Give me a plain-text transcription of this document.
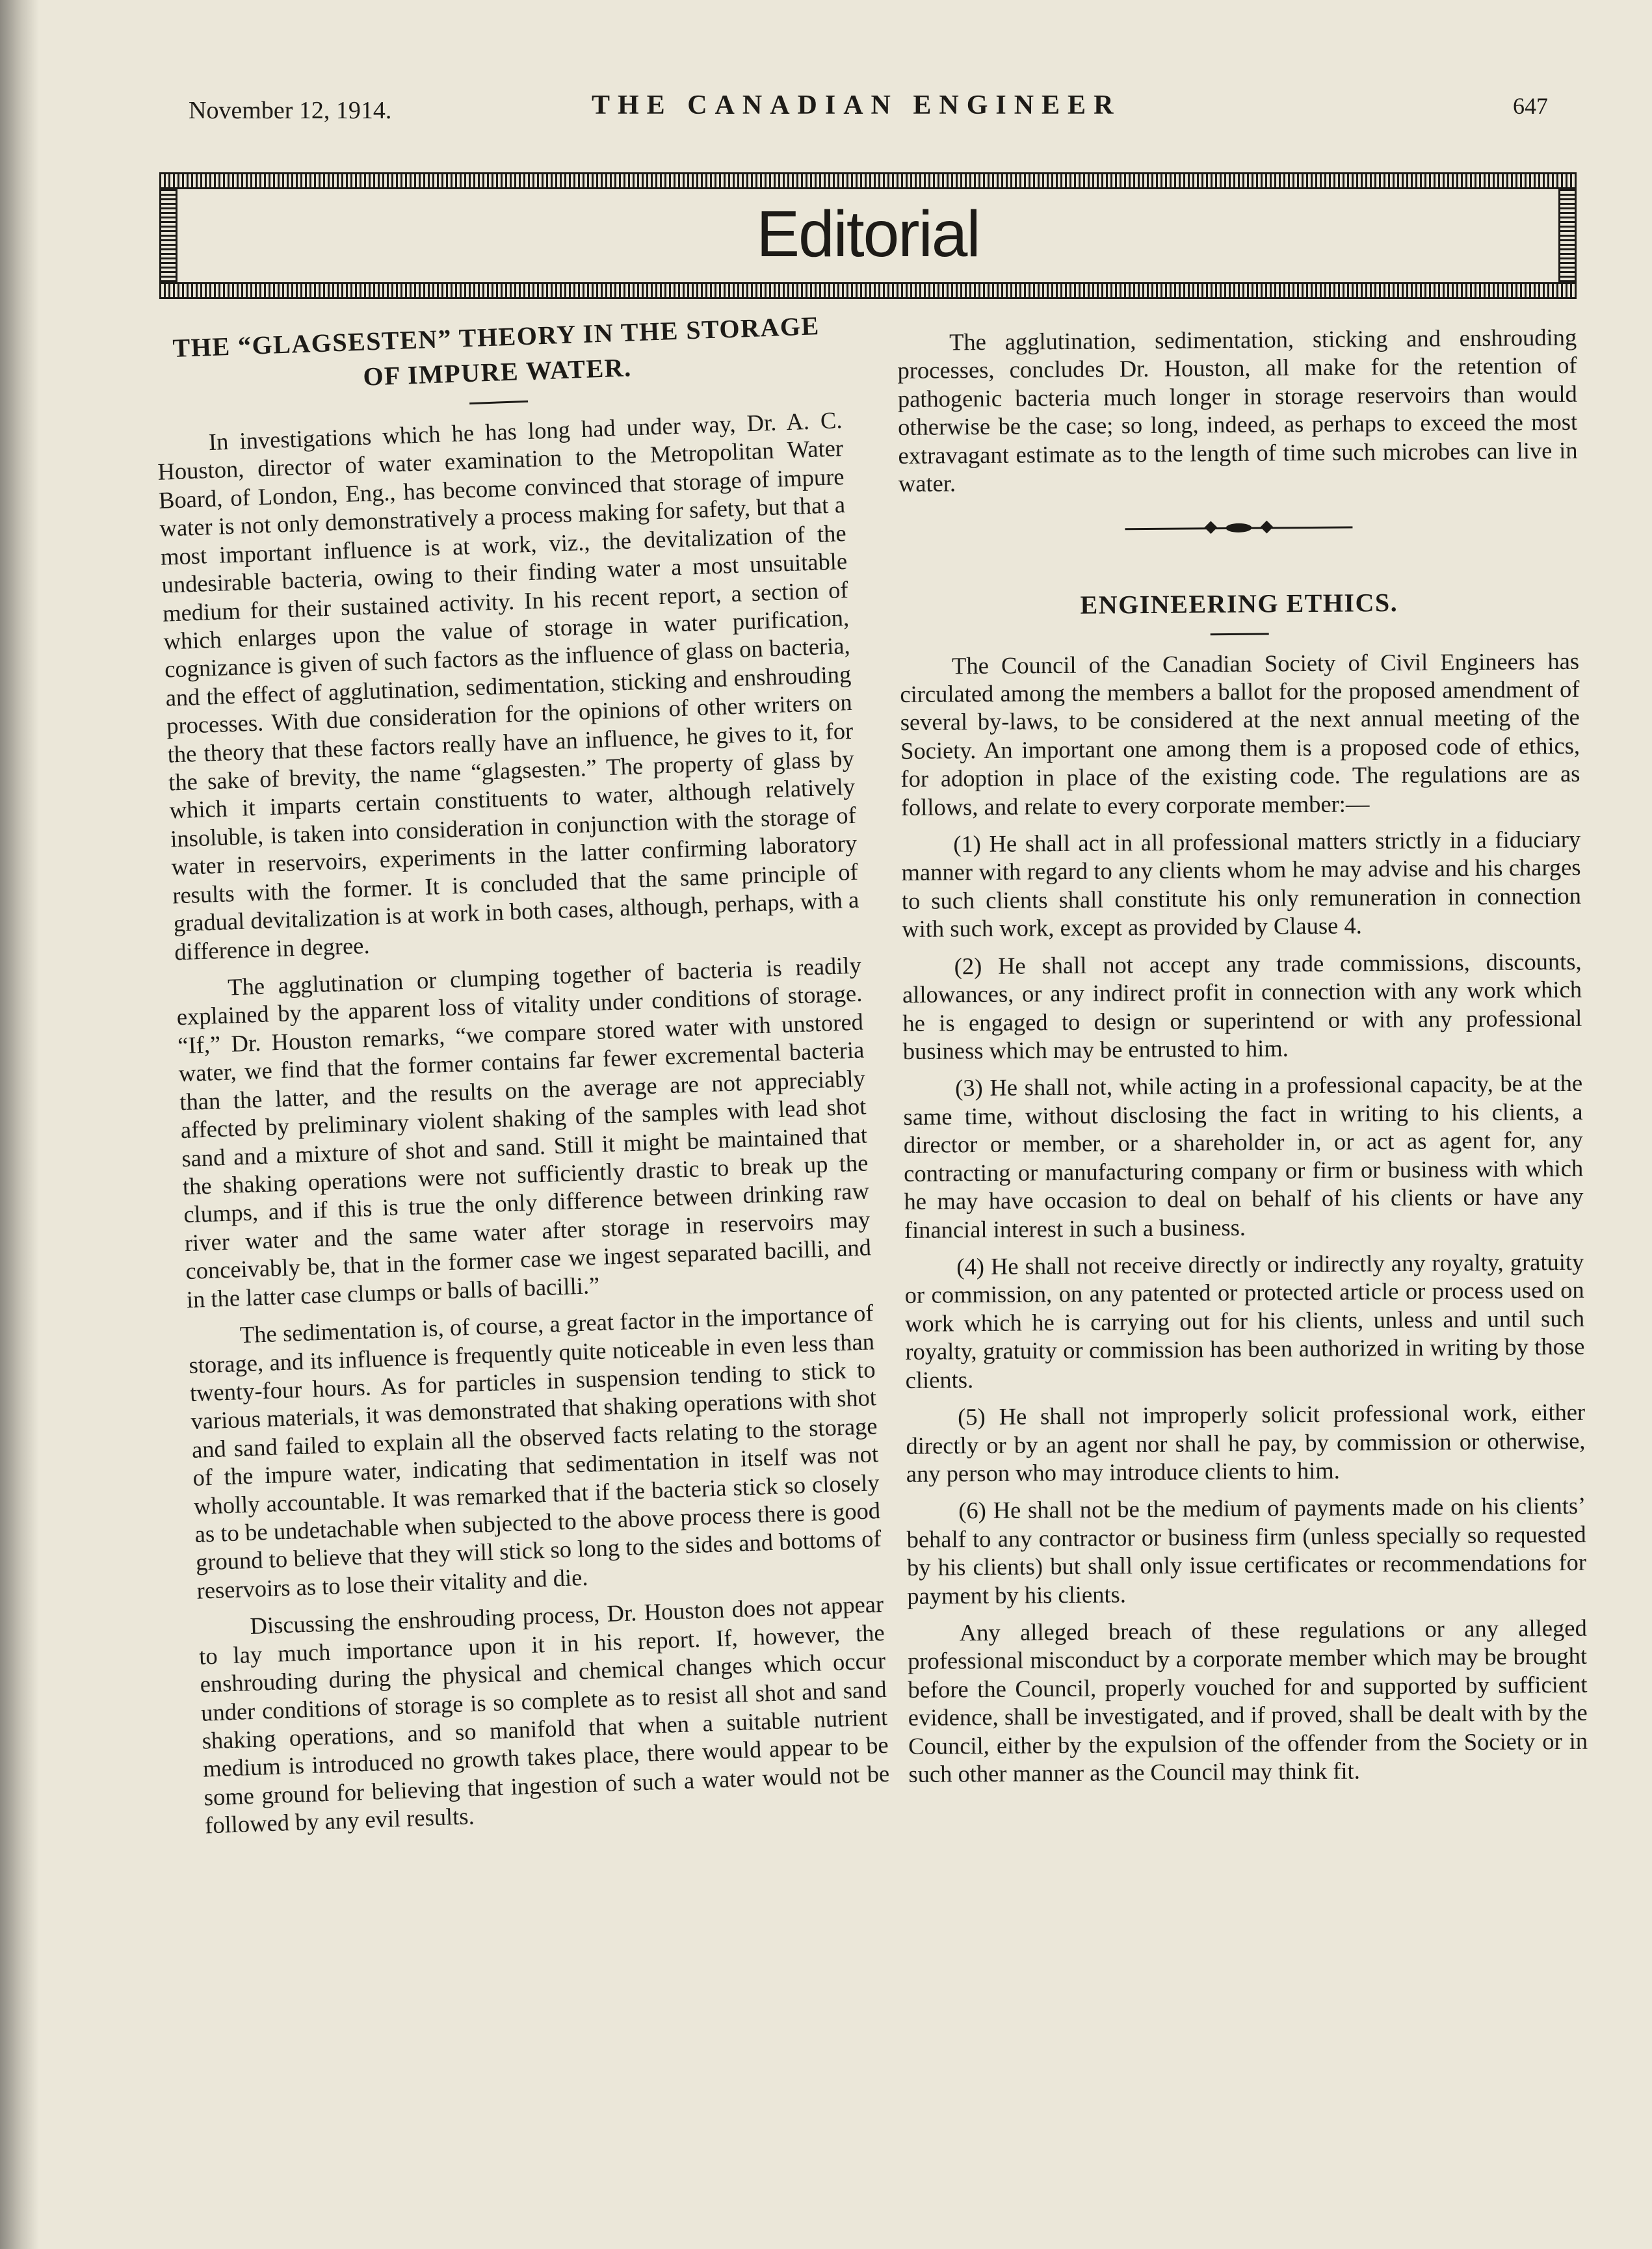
November 12, 1914.	THE CANADIAN ENGINEER	647
Editorial
THE “GLAGSESTEN” THEORY IN THE STORAGE OF IMPURE WATER.

In investigations which he has long had under way, Dr. A. C. Houston, director of water examination to the Metropolitan Water Board, of London, Eng., has become convinced that storage of impure water is not only demonstratively a process making for safety, but that a most important influence is at work, viz., the devitalization of the undesirable bacteria, owing to their finding water a most unsuitable medium for their sustained activity. In his recent report, a section of which enlarges upon the value of storage in water purification, cognizance is given of such factors as the influence of glass on bacteria, and the effect of agglutination, sedimentation, sticking and enshrouding processes. With due consideration for the opinions of other writers on the theory that these factors really have an influence, he gives to it, for the sake of brevity, the name “glagsesten.” The property of glass by which it imparts certain constituents to water, although relatively insoluble, is taken into consideration in conjunction with the storage of water in reservoirs, experiments in the latter confirming laboratory results with the former. It is concluded that the same principle of gradual devitalization is at work in both cases, although, perhaps, with a difference in degree.

The agglutination or clumping together of bacteria is readily explained by the apparent loss of vitality under conditions of storage. “If,” Dr. Houston remarks, “we compare stored water with unstored water, we find that the former contains far fewer excremental bacteria than the latter, and the results on the average are not appreciably affected by preliminary violent shaking of the samples with lead shot sand and a mixture of shot and sand. Still it might be maintained that the shaking operations were not sufficiently drastic to break up the clumps, and if this is true the only difference between drinking raw river water and the same water after storage in reservoirs may conceivably be, that in the former case we ingest separated bacilli, and in the latter case clumps or balls of bacilli.”

The sedimentation is, of course, a great factor in the importance of storage, and its influence is frequently quite noticeable in even less than twenty-four hours. As for particles in suspension tending to stick to various materials, it was demonstrated that shaking operations with shot and sand failed to explain all the observed facts relating to the storage of the impure water, indicating that sedimentation in itself was not wholly accountable. It was remarked that if the bacteria stick so closely as to be undetachable when subjected to the above process there is good ground to believe that they will stick so long to the sides and bottoms of reservoirs as to lose their vitality and die.

Discussing the enshrouding process, Dr. Houston does not appear to lay much importance upon it in his report. If, however, the enshrouding during the physical and chemical changes which occur under conditions of storage is so complete as to resist all shot and sand shaking operations, and so manifold that when a suitable nutrient medium is introduced no growth takes place, there would appear to be some ground for believing that ingestion of such a water would not be followed by any evil results.

The agglutination, sedimentation, sticking and enshrouding processes, concludes Dr. Houston, all make for the retention of pathogenic bacteria much longer in storage reservoirs than would otherwise be the case; so long, indeed, as perhaps to exceed the most extravagant estimate as to the length of time such microbes can live in water.

ENGINEERING ETHICS.

The Council of the Canadian Society of Civil Engineers has circulated among the members a ballot for the proposed amendment of several by-laws, to be considered at the next annual meeting of the Society. An important one among them is a proposed code of ethics, for adoption in place of the existing code. The regulations are as follows, and relate to every corporate member:—

(1) He shall act in all professional matters strictly in a fiduciary manner with regard to any clients whom he may advise and his charges to such clients shall constitute his only remuneration in connection with such work, except as provided by Clause 4.

(2) He shall not accept any trade commissions, discounts, allowances, or any indirect profit in connection with any work which he is engaged to design or superintend or with any professional business which may be entrusted to him.

(3) He shall not, while acting in a professional capacity, be at the same time, without disclosing the fact in writing to his clients, a director or member, or a shareholder in, or act as agent for, any contracting or manufacturing company or firm or business with which he may have occasion to deal on behalf of his clients or have any financial interest in such a business.

(4) He shall not receive directly or indirectly any royalty, gratuity or commission, on any patented or protected article or process used on work which he is carrying out for his clients, unless and until such royalty, gratuity or commission has been authorized in writing by those clients.

(5) He shall not improperly solicit professional work, either directly or by an agent nor shall he pay, by commission or otherwise, any person who may introduce clients to him.

(6) He shall not be the medium of payments made on his clients’ behalf to any contractor or business firm (unless specially so requested by his clients) but shall only issue certificates or recommendations for payment by his clients.

Any alleged breach of these regulations or any alleged professional misconduct by a corporate member which may be brought before the Council, properly vouched for and supported by sufficient evidence, shall be investigated, and if proved, shall be dealt with by the Council, either by the expulsion of the offender from the Society or in such other manner as the Council may think fit.
